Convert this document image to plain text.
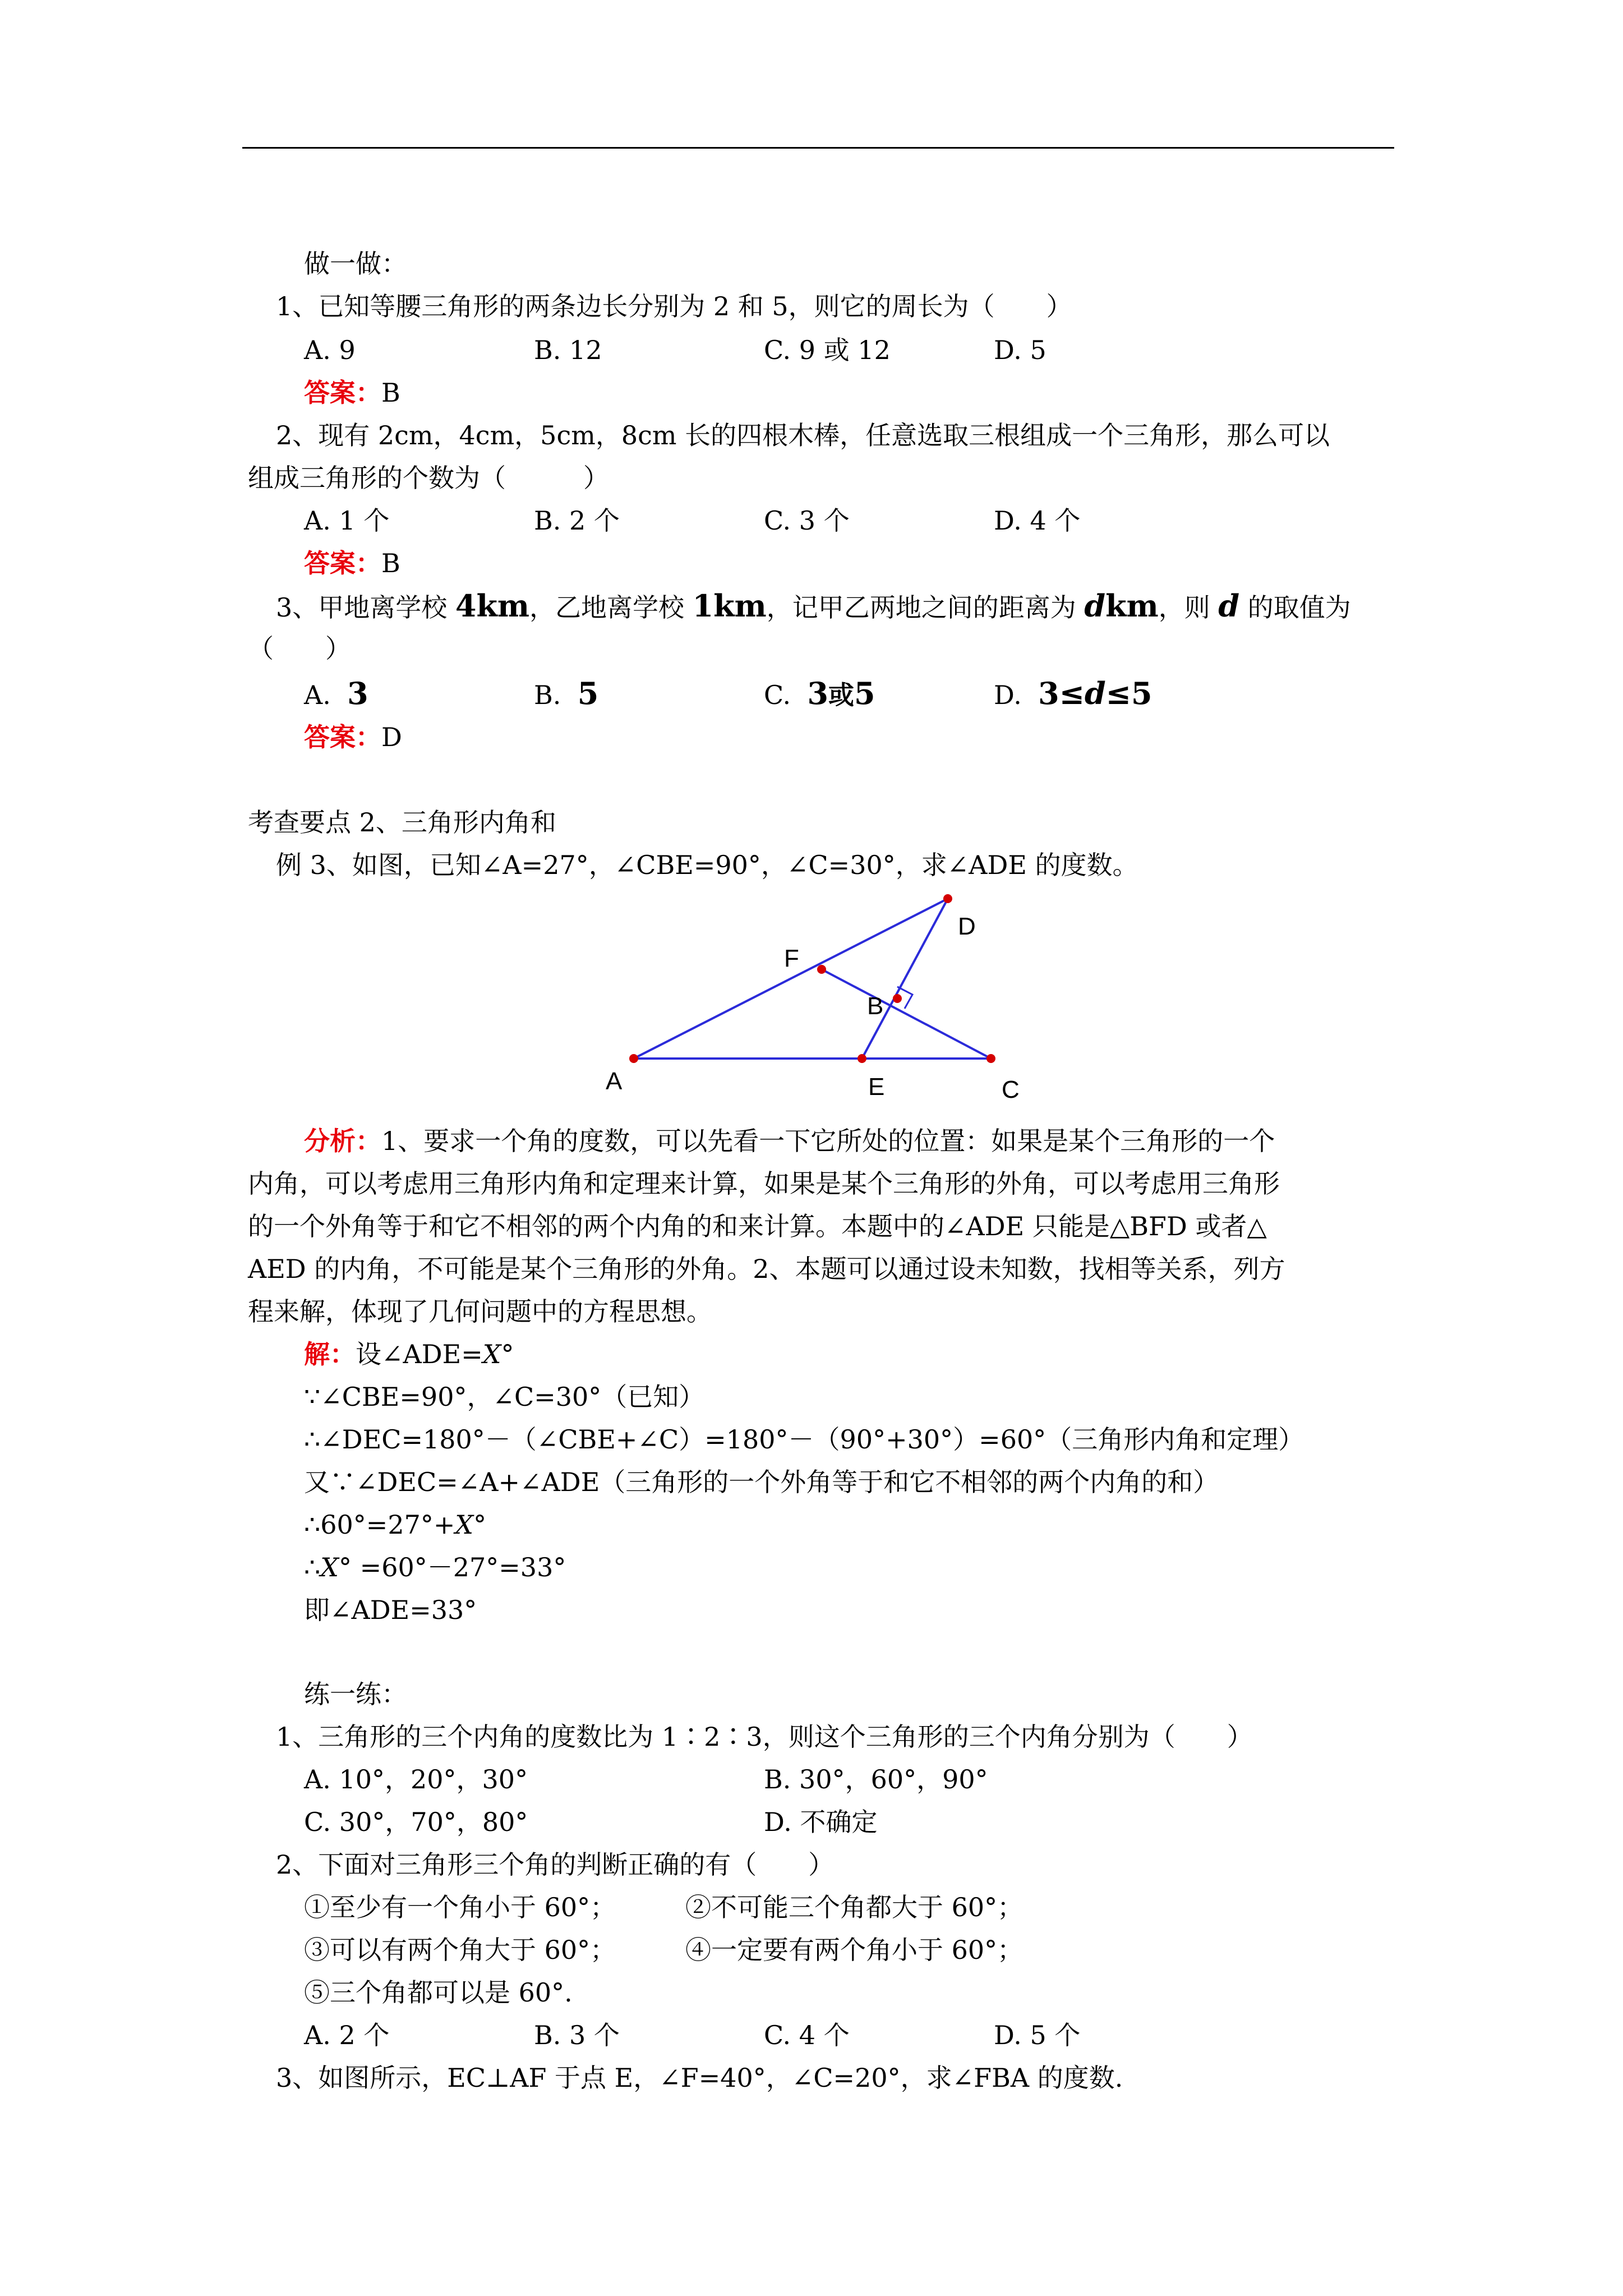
做一做：
1、已知等腰三角形的两条边长分别为 2 和 5，则它的周长为（　　）
A. 9	B. 12	C. 9 或 12	D. 5
答案：B
2、现有 2cm，4cm，5cm，8cm 长的四根木棒，任意选取三根组成一个三角形，那么可以
组成三角形的个数为（　　　）
A. 1 个	B. 2 个	C. 3 个	D. 4 个
答案：B
3、甲地离学校 4km，乙地离学校 1km，记甲乙两地之间的距离为 dkm，则 d 的取值为
（　　）
A. 3	B. 5	C. 3或5	D. 3≤d≤5
答案：D
考查要点 2、三角形内角和
例 3、如图，已知∠A=27°，∠CBE=90°，∠C=30°，求∠ADE 的度数。
A
D
F
B
E	C
分析：1、要求一个角的度数，可以先看一下它所处的位置：如果是某个三角形的一个
内角，可以考虑用三角形内角和定理来计算，如果是某个三角形的外角，可以考虑用三角形
的一个外角等于和它不相邻的两个内角的和来计算。本题中的∠ADE 只能是△BFD 或者△
AED 的内角，不可能是某个三角形的外角。2、本题可以通过设未知数，找相等关系，列方
程来解，体现了几何问题中的方程思想。
解：设∠ADE=X°
∵∠CBE=90°，∠C=30°（已知）
∴∠DEC=180°－（∠CBE+∠C）=180°－（90°+30°）=60°（三角形内角和定理）
又∵∠DEC=∠A+∠ADE（三角形的一个外角等于和它不相邻的两个内角的和）
∴60°=27°+X°
∴X° =60°－27°=33°
即∠ADE=33°
练一练：
1、三角形的三个内角的度数比为 1∶2∶3，则这个三角形的三个内角分别为（　　）
A. 10°，20°，30°	B. 30°，60°，90°
C. 30°，70°，80°	D. 不确定
2、下面对三角形三个角的判断正确的有（　　）
①至少有一个角小于 60°；	②不可能三个角都大于 60°；
③可以有两个角大于 60°；	④一定要有两个角小于 60°；
⑤三个角都可以是 60°.
A. 2 个	B. 3 个	C. 4 个	D. 5 个
3、如图所示，EC⊥AF 于点 E，∠F=40°，∠C=20°，求∠FBA 的度数.
